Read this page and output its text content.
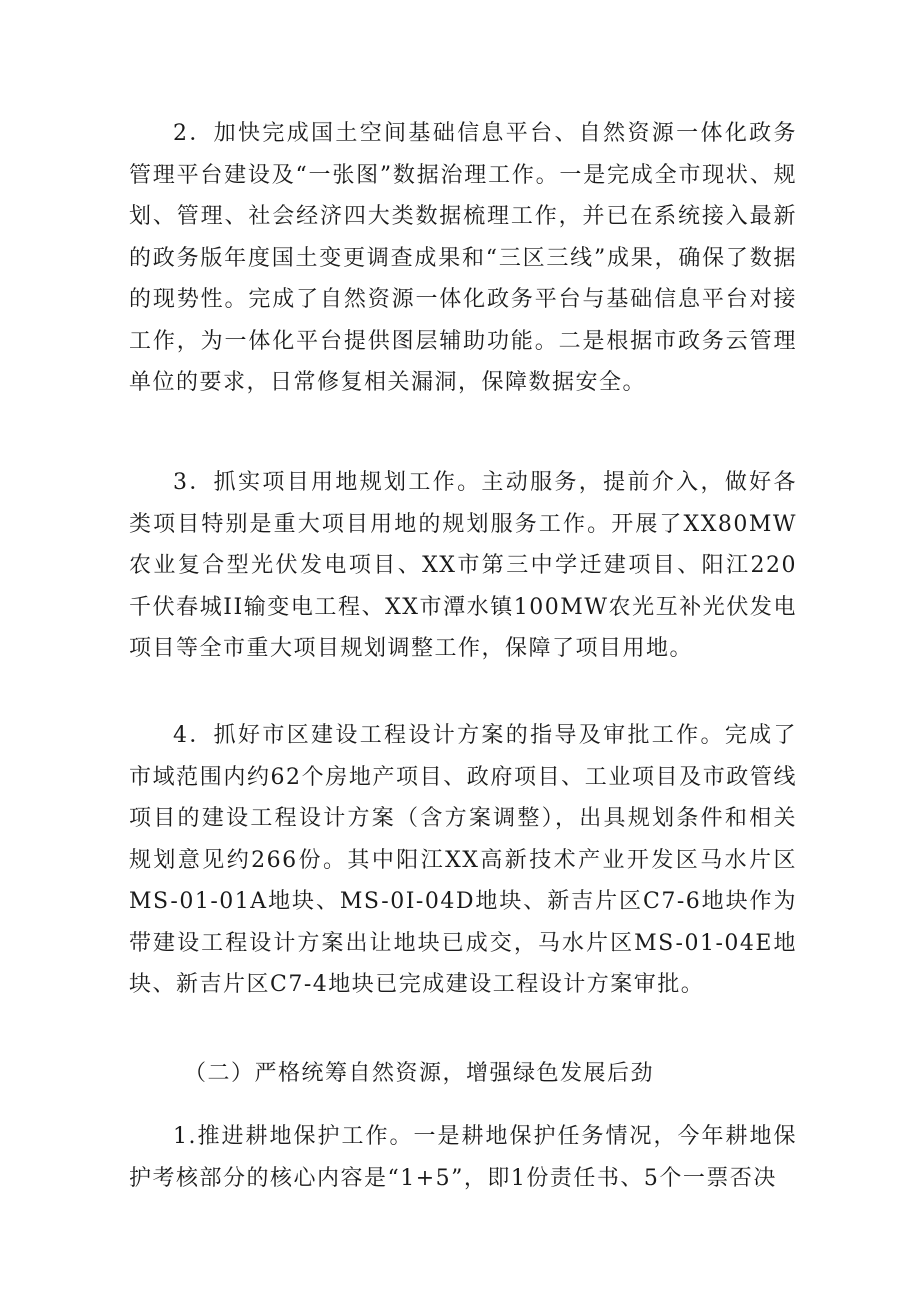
2．加快完成国土空间基础信息平台、自然资源一体化政务管理平台建设及“一张图”数据治理工作。一是完成全市现状、规划、管理、社会经济四大类数据梳理工作，并已在系统接入最新的政务版年度国土变更调查成果和“三区三线”成果，确保了数据的现势性。完成了自然资源一体化政务平台与基础信息平台对接工作，为一体化平台提供图层辅助功能。二是根据市政务云管理单位的要求，日常修复相关漏洞，保障数据安全。

3．抓实项目用地规划工作。主动服务，提前介入，做好各类项目特别是重大项目用地的规划服务工作。开展了XX80MW农业复合型光伏发电项目、XX市第三中学迁建项目、阳江220千伏春城II输变电工程、XX市潭水镇100MW农光互补光伏发电项目等全市重大项目规划调整工作，保障了项目用地。

4．抓好市区建设工程设计方案的指导及审批工作。完成了市域范围内约62个房地产项目、政府项目、工业项目及市政管线项目的建设工程设计方案（含方案调整），出具规划条件和相关规划意见约266份。其中阳江XX高新技术产业开发区马水片区MS-01-01A地块、MS-0I-04D地块、新吉片区C7-6地块作为带建设工程设计方案出让地块已成交，马水片区MS-01-04E地块、新吉片区C7-4地块已完成建设工程设计方案审批。

（二）严格统筹自然资源，增强绿色发展后劲

1.推进耕地保护工作。一是耕地保护任务情况，今年耕地保护考核部分的核心内容是“1+5”，即1份责任书、5个一票否决
